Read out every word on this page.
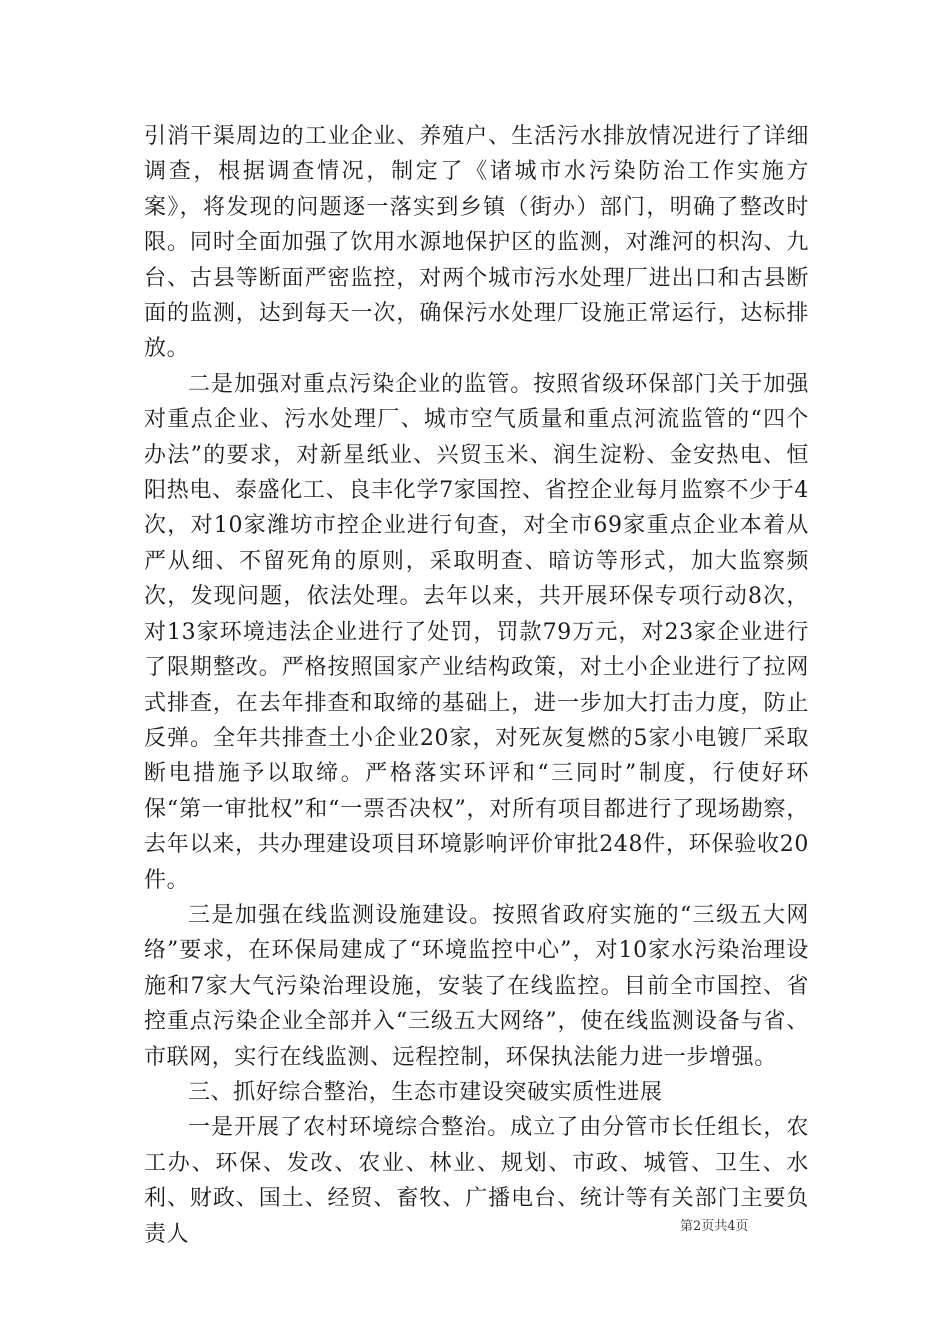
引消干渠周边的工业企业、养殖户、生活污水排放情况进行了详细调查，根据调查情况，制定了《诸城市水污染防治工作实施方案》，将发现的问题逐一落实到乡镇（街办）部门，明确了整改时限。同时全面加强了饮用水源地保护区的监测，对潍河的枳沟、九台、古县等断面严密监控，对两个城市污水处理厂进出口和古县断面的监测，达到每天一次，确保污水处理厂设施正常运行，达标排放。

二是加强对重点污染企业的监管。按照省级环保部门关于加强对重点企业、污水处理厂、城市空气质量和重点河流监管的“四个办法”的要求，对新星纸业、兴贸玉米、润生淀粉、金安热电、恒阳热电、泰盛化工、良丰化学7家国控、省控企业每月监察不少于4次，对10家潍坊市控企业进行旬查，对全市69家重点企业本着从严从细、不留死角的原则，采取明查、暗访等形式，加大监察频次，发现问题，依法处理。去年以来，共开展环保专项行动8次，对13家环境违法企业进行了处罚，罚款79万元，对23家企业进行了限期整改。严格按照国家产业结构政策，对土小企业进行了拉网式排查，在去年排查和取缔的基础上，进一步加大打击力度，防止反弹。全年共排查土小企业20家，对死灰复燃的5家小电镀厂采取断电措施予以取缔。严格落实环评和“三同时”制度，行使好环保“第一审批权”和“一票否决权”，对所有项目都进行了现场勘察，去年以来，共办理建设项目环境影响评价审批248件，环保验收20件。

三是加强在线监测设施建设。按照省政府实施的“三级五大网络”要求，在环保局建成了“环境监控中心”，对10家水污染治理设施和7家大气污染治理设施，安装了在线监控。目前全市国控、省控重点污染企业全部并入“三级五大网络”，使在线监测设备与省、市联网，实行在线监测、远程控制，环保执法能力进一步增强。

三、抓好综合整治，生态市建设突破实质性进展

一是开展了农村环境综合整治。成立了由分管市长任组长，农工办、环保、发改、农业、林业、规划、市政、城管、卫生、水利、财政、国土、经贸、畜牧、广播电台、统计等有关部门主要负责人	第2页共4页
